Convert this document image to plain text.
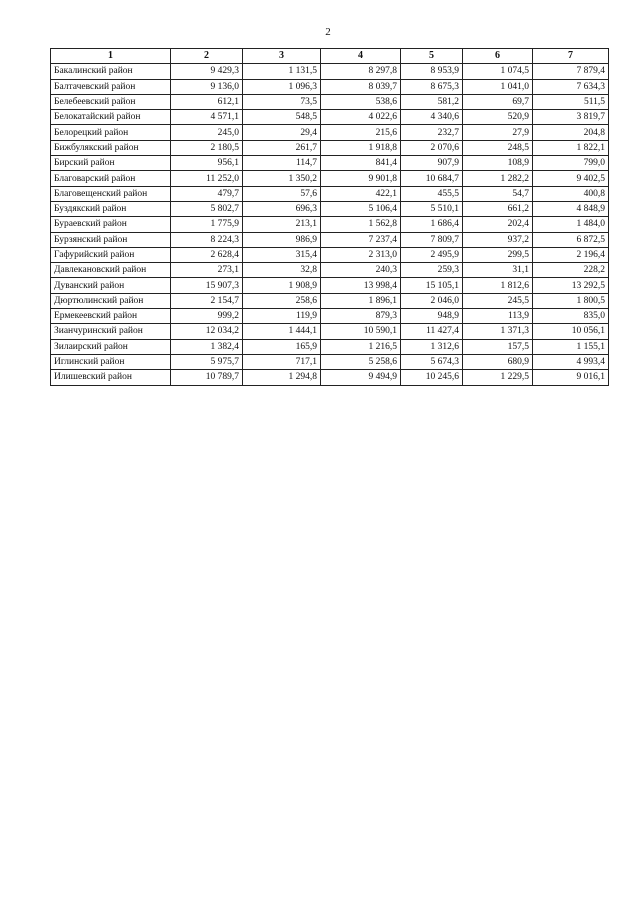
2
1	2	3	4	5	6	7
Бакалинский район	9 429,3	1 131,5	8 297,8	8 953,9	1 074,5	7 879,4
Балтачевский район	9 136,0	1 096,3	8 039,7	8 675,3	1 041,0	7 634,3
Белебеевский район	612,1	73,5	538,6	581,2	69,7	511,5
Белокатайский район	4 571,1	548,5	4 022,6	4 340,6	520,9	3 819,7
Белорецкий район	245,0	29,4	215,6	232,7	27,9	204,8
Бижбулякский район	2 180,5	261,7	1 918,8	2 070,6	248,5	1 822,1
Бирский район	956,1	114,7	841,4	907,9	108,9	799,0
Благоварский район	11 252,0	1 350,2	9 901,8	10 684,7	1 282,2	9 402,5
Благовещенский район	479,7	57,6	422,1	455,5	54,7	400,8
Буздякский район	5 802,7	696,3	5 106,4	5 510,1	661,2	4 848,9
Бураевский район	1 775,9	213,1	1 562,8	1 686,4	202,4	1 484,0
Бурзянский район	8 224,3	986,9	7 237,4	7 809,7	937,2	6 872,5
Гафурийский район	2 628,4	315,4	2 313,0	2 495,9	299,5	2 196,4
Давлекановский район	273,1	32,8	240,3	259,3	31,1	228,2
Дуванский район	15 907,3	1 908,9	13 998,4	15 105,1	1 812,6	13 292,5
Дюртюлинский район	2 154,7	258,6	1 896,1	2 046,0	245,5	1 800,5
Ермекеевский район	999,2	119,9	879,3	948,9	113,9	835,0
Зианчуринский район	12 034,2	1 444,1	10 590,1	11 427,4	1 371,3	10 056,1
Зилаирский район	1 382,4	165,9	1 216,5	1 312,6	157,5	1 155,1
Иглинский район	5 975,7	717,1	5 258,6	5 674,3	680,9	4 993,4
Илишевский район	10 789,7	1 294,8	9 494,9	10 245,6	1 229,5	9 016,1
